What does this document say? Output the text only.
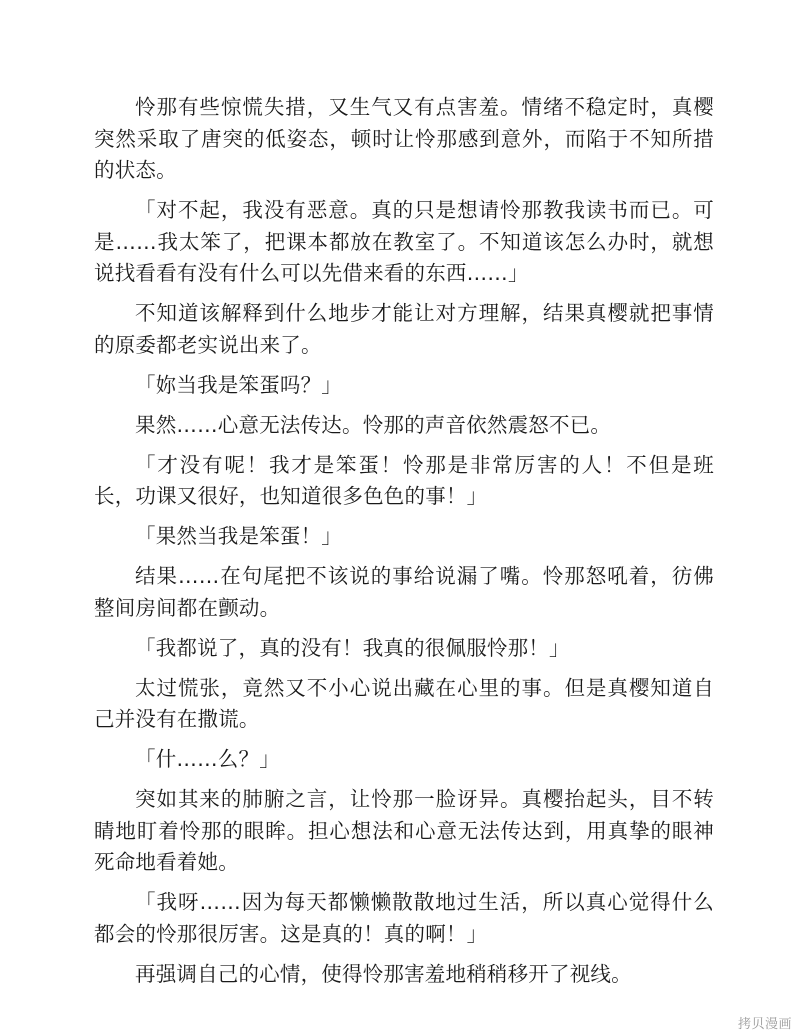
怜那有些惊慌失措，又生气又有点害羞。情绪不稳定时，真樱突然采取了唐突的低姿态，顿时让怜那感到意外，而陷于不知所措的状态。

「对不起，我没有恶意。真的只是想请怜那教我读书而已。可是……我太笨了，把课本都放在教室了。不知道该怎么办时，就想说找看看有没有什么可以先借来看的东西……」

不知道该解释到什么地步才能让对方理解，结果真樱就把事情的原委都老实说出来了。

「妳当我是笨蛋吗？」

果然……心意无法传达。怜那的声音依然震怒不已。

「才没有呢！我才是笨蛋！怜那是非常厉害的人！不但是班长，功课又很好，也知道很多色色的事！」

「果然当我是笨蛋！」

结果……在句尾把不该说的事给说漏了嘴。怜那怒吼着，彷佛整间房间都在颤动。

「我都说了，真的没有！我真的很佩服怜那！」

太过慌张，竟然又不小心说出藏在心里的事。但是真樱知道自己并没有在撒谎。

「什……么？」

突如其来的肺腑之言，让怜那一脸讶异。真樱抬起头，目不转睛地盯着怜那的眼眸。担心想法和心意无法传达到，用真挚的眼神死命地看着她。

「我呀……因为每天都懒懒散散地过生活，所以真心觉得什么都会的怜那很厉害。这是真的！真的啊！」

再强调自己的心情，使得怜那害羞地稍稍移开了视线。

拷贝漫画
